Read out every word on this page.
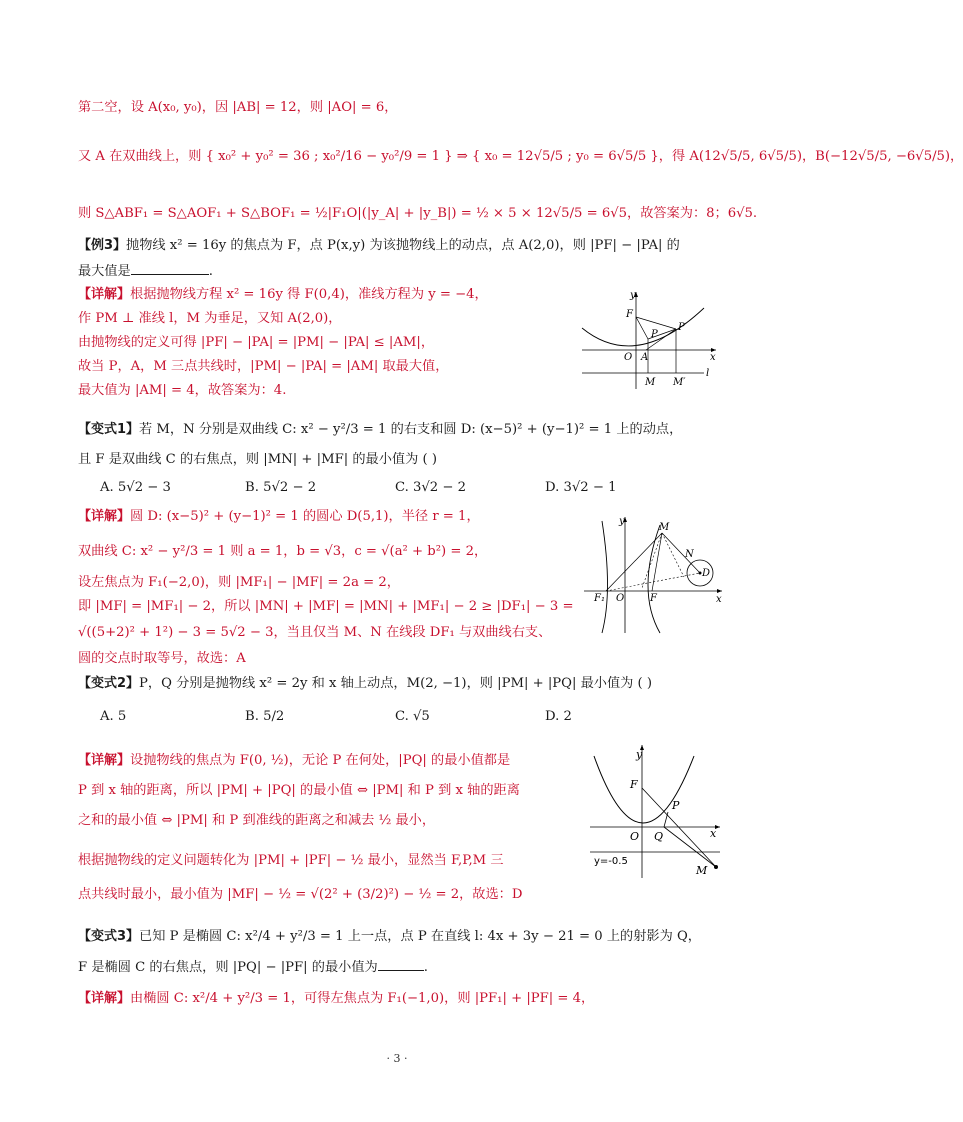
第二空，设 A(x₀, y₀)，因 |AB| = 12，则 |AO| = 6，
又 A 在双曲线上，则 { x₀² + y₀² = 36 ; x₀²/16 − y₀²/9 = 1 } ⇒ { x₀ = 12√5/5 ; y₀ = 6√5/5 }，得 A(12√5/5, 6√5/5)，B(−12√5/5, −6√5/5)，
则 S△ABF₁ = S△AOF₁ + S△BOF₁ = ½|F₁O|(|y_A| + |y_B|) = ½ × 5 × 12√5/5 = 6√5，故答案为：8；6√5.
【例3】抛物线 x² = 16y 的焦点为 F，点 P(x,y) 为该抛物线上的动点，点 A(2,0)，则 |PF| − |PA| 的
最大值是	.
【详解】根据抛物线方程 x² = 16y 得 F(0,4)，准线方程为 y = −4，
作 PM ⊥ 准线 l，M 为垂足，又知 A(2,0)，
由抛物线的定义可得 |PF| − |PA| = |PM| − |PA| ≤ |AM|，
故当 P，A，M 三点共线时，|PM| − |PA| = |AM| 取最大值，
最大值为 |AM| = 4，故答案为：4.
【变式1】若 M，N 分别是双曲线 C: x² − y²/3 = 1 的右支和圆 D: (x−5)² + (y−1)² = 1 上的动点，
且 F 是双曲线 C 的右焦点，则 |MN| + |MF| 的最小值为 ( )
A. 5√2 − 3	B. 5√2 − 2	C. 3√2 − 2	D. 3√2 − 1
【详解】圆 D: (x−5)² + (y−1)² = 1 的圆心 D(5,1)，半径 r = 1，
双曲线 C: x² − y²/3 = 1 则 a = 1，b = √3，c = √(a² + b²) = 2，
设左焦点为 F₁(−2,0)，则 |MF₁| − |MF| = 2a = 2，
即 |MF| = |MF₁| − 2，所以 |MN| + |MF| = |MN| + |MF₁| − 2 ≥ |DF₁| − 3 =
√((5+2)² + 1²) − 3 = 5√2 − 3，当且仅当 M、N 在线段 DF₁ 与双曲线右支、
圆的交点时取等号，故选：A
【变式2】P，Q 分别是抛物线 x² = 2y 和 x 轴上动点，M(2, −1)，则 |PM| + |PQ| 最小值为 ( )
A. 5	B. 5/2	C. √5	D. 2
【详解】设抛物线的焦点为 F(0, ½)，无论 P 在何处，|PQ| 的最小值都是
P 到 x 轴的距离，所以 |PM| + |PQ| 的最小值 ⇔ |PM| 和 P 到 x 轴的距离
之和的最小值 ⇔ |PM| 和 P 到准线的距离之和减去 ½ 最小，
根据抛物线的定义问题转化为 |PM| + |PF| − ½ 最小，显然当 F,P,M 三
点共线时最小，最小值为 |MF| − ½ = √(2² + (3/2)²) − ½ = 2，故选：D
【变式3】已知 P 是椭圆 C: x²/4 + y²/3 = 1 上一点，点 P 在直线 l: 4x + 3y − 21 = 0 上的射影为 Q，
F 是椭圆 C 的右焦点，则 |PQ| − |PF| 的最小值为	.
【详解】由椭圆 C: x²/4 + y²/3 = 1，可得左焦点为 F₁(−1,0)，则 |PF₁| + |PF| = 4，
F
y
x
P
P′
O A
M M′
l
y
x
M
N
D
F₁ O	F
y
x
F
P
O Q
M
y=-0.5
· 3 ·
